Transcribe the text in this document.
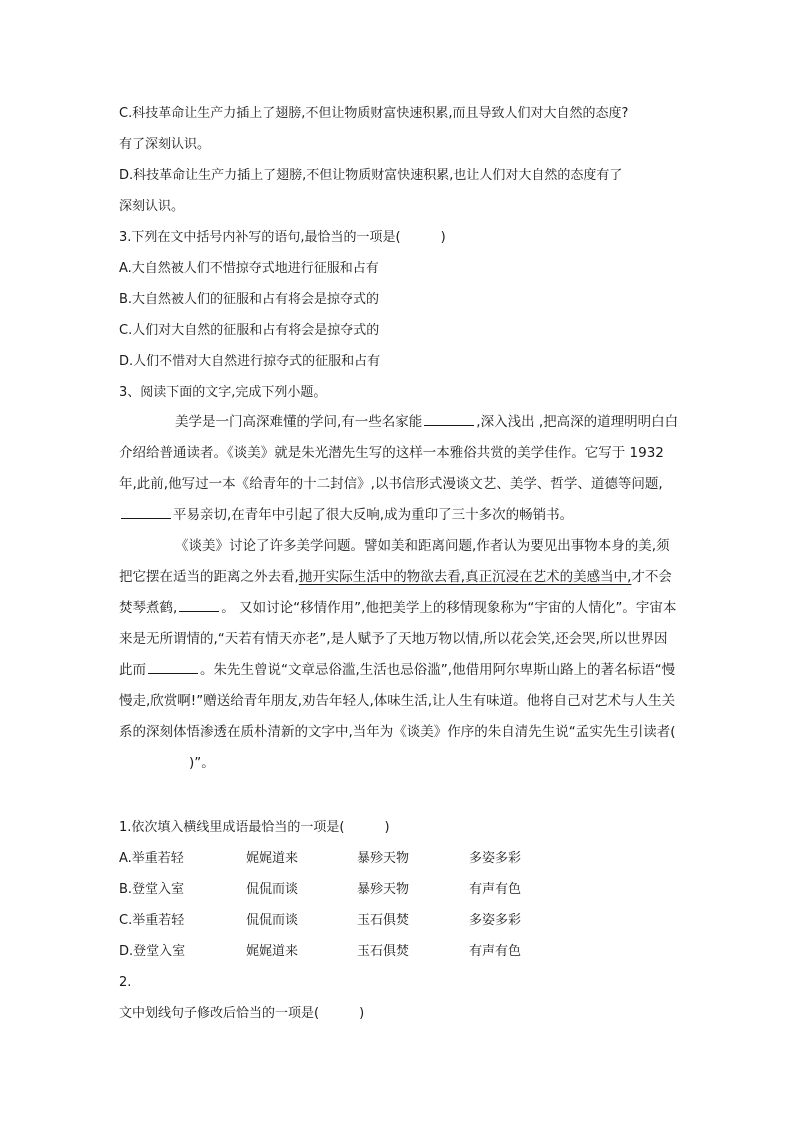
C.科技革命让生产力插上了翅膀,不但让物质财富快速积累,而且导致人们对大自然的态度?
有了深刻认识。
D.科技革命让生产力插上了翅膀,不但让物质财富快速积累,也让人们对大自然的态度有了
深刻认识。
3.下列在文中括号内补写的语句,最恰当的一项是(	)
A.大自然被人们不惜掠夺式地进行征服和占有
B.大自然被人们的征服和占有将会是掠夺式的
C.人们对大自然的征服和占有将会是掠夺式的
D.人们不惜对大自然进行掠夺式的征服和占有
3、阅读下面的文字,完成下列小题。

美学是一门高深难懂的学问,有一些名家能	,深入浅出 ,把高深的道理明明白白介绍给普通读者。《谈美》就是朱光潜先生写的这样一本雅俗共赏的美学佳作。它写于 1932 年,此前,他写过一本《给青年的十二封信》,以书信形式漫谈文艺、美学、哲学、道德等问题,平易亲切,在青年中引起了很大反响,成为重印了三十多次的畅销书。

《谈美》讨论了许多美学问题。譬如美和距离问题,作者认为要见出事物本身的美,须把它摆在适当的距离之外去看,抛开实际生活中的物欲去看,真正沉浸在艺术的美感当中,才不会焚琴煮鹤,	。 又如讨论“移情作用”,他把美学上的移情现象称为“宇宙的人情化”。宇宙本来是无所谓情的,“天若有情天亦老”,是人赋予了天地万物以情,所以花会笑,还会哭,所以世界因此而	。朱先生曾说“文章忌俗滥,生活也忌俗滥”,他借用阿尔卑斯山路上的著名标语“慢慢走,欣赏啊!”赠送给青年朋友,劝告年轻人,体味生活,让人生有味道。他将自己对艺术与人生关系的深刻体悟渗透在质朴清新的文字中,当年为《谈美》作序的朱自清先生说“孟实先生引读者()”。

1.依次填入横线里成语最恰当的一项是(	)
A.举重若轻	娓娓道来	暴殄天物	多姿多彩
B.登堂入室	侃侃而谈	暴殄天物	有声有色
C.举重若轻	侃侃而谈	玉石俱焚	多姿多彩
D.登堂入室	娓娓道来	玉石俱焚	有声有色
2.
文中划线句子修改后恰当的一项是(	)
